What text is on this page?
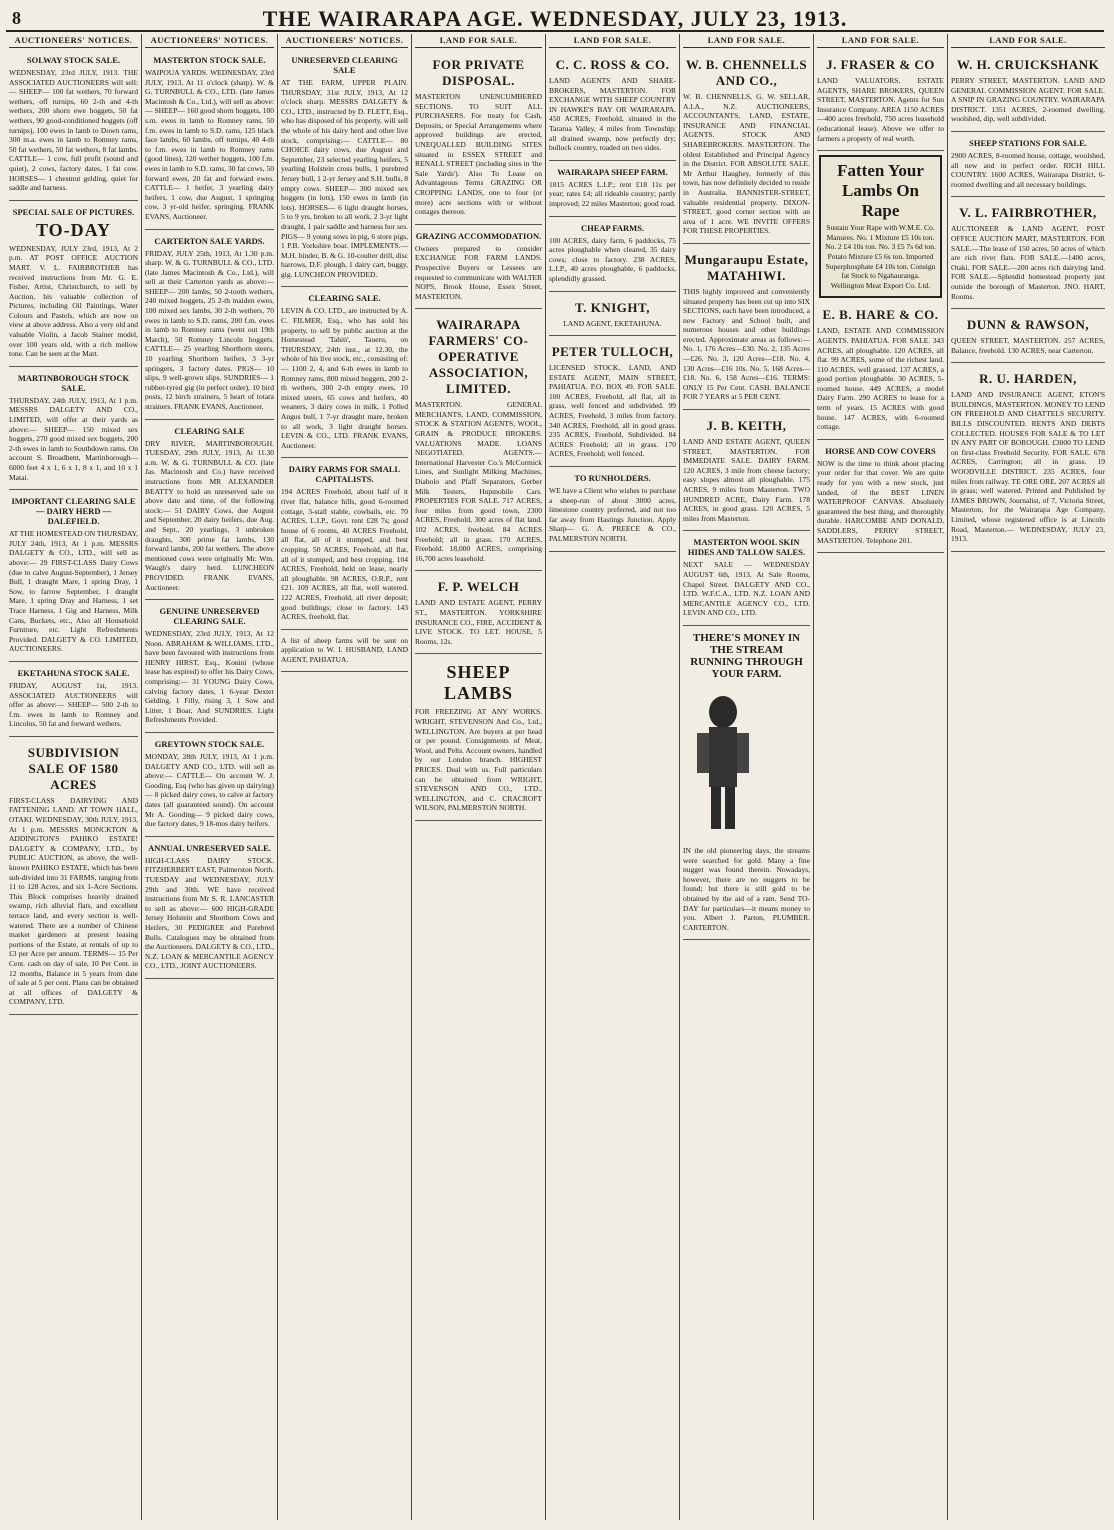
8	THE WAIRARAPA AGE. WEDNESDAY, JULY 23, 1913.
AUCTIONEERS' NOTICES.
SOLWAY STOCK SALE.

WEDNESDAY, 23rd JULY, 1913. THE ASSOCIATED AUCTIONEERS will sell:— SHEEP— 100 fat wethers, 70 forward wethers, off turnips, 60 2-th and 4-th wethers, 200 shorn ewe hoggets, 50 fat wethers, 90 good-conditioned hoggets (off turnips), 100 ewes in lamb to Down rams, 300 m.a. ewes in lamb to Romney rams, 50 fat wethers, 50 fat wethers, 8 fat lambs. CATTLE— 1 cow, full profit (sound and quiet), 2 cows, factory dates, 1 fat cow. HORSES— 1 chestnut gelding, quiet for saddle and harness.

SPECIAL SALE OF PICTURES.
TO-DAY

WEDNESDAY, JULY 23rd, 1913, At 2 p.m. AT POST OFFICE AUCTION MART. V. L. FAIRBROTHER has received instructions from Mr. G. E. Fisher, Artist, Christchurch, to sell by Auction, his valuable collection of Pictures, including Oil Paintings, Water Colours and Pastels, which are now on view at above address. Also a very old and valuable Violin, a Jacob Stainer model, over 100 years old, with a rich mellow tone. Can be seen at the Mart.

MARTINBOROUGH STOCK SALE.

THURSDAY, 24th JULY, 1913, At 1 p.m. MESSRS DALGETY AND CO., LIMITED, will offer at their yards as above:— SHEEP— 150 mixed sex hoggets, 270 good mixed sex hoggets, 200 2-th ewes in lamb to Southdown rams. On account S. Broadbent, Martinborough— 6000 feet 4 x 1, 6 x 1, 8 x 1, and 10 x 1 Matai.

IMPORTANT CLEARING SALE — DAIRY HERD — DALEFIELD.

AT THE HOMESTEAD ON THURSDAY, JULY 24th, 1913, At 1 p.m. MESSRS DALGETY & CO., LTD., will sell as above:— 29 FIRST-CLASS Dairy Cows (due to calve August-September), 1 Jersey Bull, 1 draught Mare, 1 spring Dray, 1 Sow, to farrow September, 1 draught Mare, 1 spring Dray and Harness, 1 set Trace Harness, 1 Gig and Harness, Milk Cans, Buckets, etc., Also all Household Furniture, etc. Light Refreshments Provided. DALGETY & CO. LIMITED, AUCTIONEERS.

EKETAHUNA STOCK SALE.

FRIDAY, AUGUST 1st, 1913. ASSOCIATED AUCTIONEERS will offer as above:— SHEEP— 500 2-th to f.m. ewes in lamb to Romney and Lincolns, 50 fat and forward wethers.

SUBDIVISION SALE OF 1580 ACRES

FIRST-CLASS DAIRYING AND FATTENING LAND. AT TOWN HALL, OTAKI. WEDNESDAY, 30th JULY, 1913, At 1 p.m. MESSRS MONCKTON & ADDINGTON'S PAHIKO ESTATE! DALGETY & COMPANY, LTD., by PUBLIC AUCTION, as above, the well-known PAHIKO ESTATE, which has been sub-divided into 31 FARMS, ranging from 11 to 128 Acres, and six 1-Acre Sections. This Block comprises heavily drained swamp, rich alluvial flats, and excellent terrace land, and every section is well-watered. There are a number of Chinese market gardeners at present leasing portions of the Estate, at rentals of up to £3 per Acre per annum. TERMS— 15 Per Cent. cash on day of sale, 10 Per Cent. in 12 months, Balance in 5 years from date of sale at 5 per cent. Plans can be obtained at all offices of DALGETY & COMPANY, LTD.

AUCTIONEERS' NOTICES.
MASTERTON STOCK SALE.

WAIPOUA YARDS. WEDNESDAY, 23rd JULY, 1913, At 11 o'clock (sharp). W. & G. TURNBULL & CO., LTD. (late James Macintosh & Co., Ltd.), will sell as above:— SHEEP— 160 good shorn hoggets, 100 s.m. ewes in lamb to Romney rams, 50 f.m. ewes in lamb to S.D. rams, 125 black face lambs, 60 lambs, off turnips, 40 4-th to f.m. ewes in lamb to Romney rams (good lines), 120 wether hoggets, 100 f.m. ewes in lamb to S.D. rams, 30 fat cows, 50 forward ewes, 20 fat and forward ewes. CATTLE— 1 heifer, 3 yearling dairy heifers, 1 cow, due August, 1 springing cow, 3 yr-old heifer, springing. FRANK EVANS, Auctioneer.

CARTERTON SALE YARDS.

FRIDAY, JULY 25th, 1913, At 1.30 p.m. sharp. W. & G. TURNBULL & CO., LTD. (late James Macintosh & Co., Ltd.), will sell at their Carterton yards as above:— SHEEP— 200 lambs, 50 2-tooth wethers, 240 mixed hoggets, 25 2-th maiden ewes, 100 mixed sex lambs, 30 2-th wethers, 70 ewes in lamb to S.D. rams, 200 f.m. ewes in lamb to Romney rams (went out 19th March), 50 Romney Lincoln hoggets. CATTLE— 25 yearling Shorthorn steers, 10 yearling Shorthorn heifers, 3 3-yr springers, 3 factory dates. PIGS— 10 slips, 9 well-grown slips. SUNDRIES— 1 rubber-tyred gig (in perfect order), 10 bird posts, 12 birch strainers, 5 heart of totara strainers. FRANK EVANS, Auctioneer.

CLEARING SALE

DRY RIVER, MARTINBOROUGH. TUESDAY, 29th JULY, 1913, At 11.30 a.m. W. & G. TURNBULL & CO. (late Jas. Macintosh and Co.) have received instructions from MR ALEXANDER BEATTY to hold an unreserved sale on above date and time, of the following stock:— 51 DAIRY Cows, due August and September, 20 dairy heifers, due Aug. and Sept., 20 yearlings, 3 unbroken draughts, 300 prime fat lambs, 130 forward lambs, 200 fat wethers. The above mentioned cows were originally Mr. Wm. Waugh's dairy herd. LUNCHEON PROVIDED. FRANK EVANS, Auctioneer.

GENUINE UNRESERVED CLEARING SALE.

WEDNESDAY, 23rd JULY, 1913, At 12 Noon. ABRAHAM & WILLIAMS, LTD., have been favoured with instructions from HENRY HIRST, Esq., Konini (whose lease has expired) to offer his Dairy Cows, comprising:— 31 YOUNG Dairy Cows, calving factory dates, 1 6-year Dexter Gelding, 1 Filly, rising 3, 1 Sow and Litter, 1 Boar, And SUNDRIES. Light Refreshments Provided.

GREYTOWN STOCK SALE.

MONDAY, 28th JULY, 1913, At 1 p.m. DALGETY AND CO., LTD. will sell as above:— CATTLE— On account W. J. Gooding, Esq (who has given up dairying)— 8 picked dairy cows, to calve at factory dates (all guaranteed sound). On account Mr A. Gooding— 9 picked dairy cows, due factory dates, 9 18-mos dairy heifers.

ANNUAL UNRESERVED SALE.

HIGH-CLASS DAIRY STOCK. FITZHERBERT EAST, Palmerston North. TUESDAY and WEDNESDAY, JULY 29th and 30th. WE have received instructions from Mr S. R. LANCASTER to sell as above:— 600 HIGH-GRADE Jersey Holstein and Shorthorn Cows and Heifers, 30 PEDIGREE and Purebred Bulls. Catalogues may be obtained from the Auctioneers. DALGETY & CO., LTD., N.Z. LOAN & MERCANTILE AGENCY CO., LTD., JOINT AUCTIONEERS.

AUCTIONEERS' NOTICES.
UNRESERVED CLEARING SALE

AT THE FARM, UPPER PLAIN. THURSDAY, 31st JULY, 1913, At 12 o'clock sharp. MESSRS DALGETY & CO., LTD., instructed by D. FLETT, Esq., who has disposed of his property, will sell the whole of his dairy herd and other live stock, comprising:— CATTLE— 80 CHOICE dairy cows, due August and September, 23 selected yearling heifers, 5 yearling Holstein cross bulls, 1 purebred Jersey bull, 1 2-yr Jersey and S.H. bulls, 8 empty cows. SHEEP— 300 mixed sex hoggets (in lots), 150 ewes in lamb (in lots). HORSES— 6 light draught horses, 5 to 9 yrs, broken to all work, 2 3-yr light draught, 1 pair saddle and harness hor ses. PIGS— 9 young sows in pig, 6 store pigs, 1 P.B. Yorkshire boar. IMPLEMENTS.—M.H. binder, B. & G. 10-coulter drill, disc harrows, D.F. plough, 1 dairy cart, buggy, gig. LUNCHEON PROVIDED.

CLEARING SALE.

LEVIN & CO. LTD., are instructed by A. C. FILMER, Esq., who has sold his property, to sell by public auction at the Homestead 'Tahiti', Taueru, on THURSDAY, 24th inst., at 12.30, the whole of his live stock, etc., consisting of:— 1100 2, 4, and 6-th ewes in lamb to Romney rams, 800 mixed hoggets, 200 2-th wethers, 300 2-th empty ewes, 10 mixed steers, 65 cows and heifers, 40 weaners, 3 dairy cows in milk, 1 Polled Angus bull, 1 7-yr draught mare, broken to all work, 3 light draught horses. LEVIN & CO., LTD. FRANK EVANS, Auctioneer.

DAIRY FARMS FOR SMALL CAPITALISTS.

194 ACRES Freehold, about half of it river flat, balance hills, good 6-roomed cottage, 3-stall stable, cowbails, etc. 70 ACRES, L.I.P., Govt. rent £28 7s; good house of 6 rooms, 40 ACRES Freehold, all flat, all of it stumped, and best cropping. 50 ACRES, Freehold, all flat, all of it stumped, and best cropping. 104 ACRES, Freehold, held on lease, nearly all ploughable. 98 ACRES, O.R.P., rent £21. 109 ACRES, all flat, well watered. 122 ACRES, Freehold, all river deposit; good buildings; close to factory. 143 ACRES, freehold, flat.

A list of sheep farms will be sent on application to W. I. HUSBAND, LAND AGENT, PAHIATUA.

LAND FOR SALE.
FOR PRIVATE DISPOSAL.

MASTERTON UNENCUMBERED SECTIONS. TO SUIT ALL PURCHASERS. For treaty for Cash, Deposits, or Special Arrangements where approved buildings are erected, UNEQUALLED BUILDING SITES situated in ESSEX STREET and RENALL STREET (including sites in 'the Sale Yards'). Also To Lease on Advantageous Terms GRAZING OR CROPPING LANDS, one to four (or more) acre sections with or without cottages thereon.

GRAZING ACCOMMODATION.

Owners prepared to consider EXCHANGE FOR FARM LANDS. Prospective Buyers or Lessees are requested to communicate with WALTER NOPS, Brook House, Essex Street, MASTERTON.

WAIRARAPA FARMERS' CO-OPERATIVE ASSOCIATION, LIMITED.

MASTERTON. GENERAL MERCHANTS, LAND, COMMISSION, STOCK & STATION AGENTS, WOOL, GRAIN & PRODUCE BROKERS. VALUATIONS MADE. LOANS NEGOTIATED. AGENTS.—International Harvester Co.'s McCormick Lines, and Sunlight Milking Machines, Diabolo and Pfaff Separators, Gerber Milk Testers, Hupmobile Cars. PROPERTIES FOR SALE. 717 ACRES, four miles from good town, 2300 ACRES, Freehold, 300 acres of flat land. 102 ACRES, freehold. 84 ACRES Freehold; all in grass. 170 ACRES, Freehold. 18,000 ACRES, comprising 16,700 acres leasehold.

F. P. WELCH

LAND AND ESTATE AGENT, PERRY ST., MASTERTON. YORKSHIRE INSURANCE CO., FIRE, ACCIDENT & LIVE STOCK. TO LET. HOUSE, 5 Rooms, 12s.

SHEEP LAMBS

FOR FREEZING AT ANY WORKS. WRIGHT, STEVENSON And Co., Ltd., WELLINGTON. Are buyers at per head or per pound. Consignments of Meat, Wool, and Pelts. Account owners, handled by our London branch. HIGHEST PRICES. Deal with us. Full particulars can be obtained from WRIGHT, STEVENSON AND CO., LTD., WELLINGTON, and C. CRACROFT WILSON, PALMERSTON NORTH.

LAND FOR SALE.
C. C. ROSS & CO.

LAND AGENTS AND SHARE-BROKERS, MASTERTON. FOR EXCHANGE WITH SHEEP COUNTRY IN HAWKE'S BAY OR WAIRARAPA. 450 ACRES, Freehold, situated in the Tararua Valley, 4 miles from Township; all drained swamp, now perfectly dry; bullock country, roaded on two sides.

WAIRARAPA SHEEP FARM.

1815 ACRES L.I.P.; rent £18 11s per year; rates £4; all rideable country; partly improved; 22 miles Masterton; good road.

CHEAP FARMS.

100 ACRES, dairy farm, 6 paddocks, 75 acres ploughable when cleared, 35 dairy cows; close to factory. 238 ACRES, L.I.P., 40 acres ploughable, 6 paddocks, splendidly grassed.

T. KNIGHT,

LAND AGENT, EKETAHUNA.

PETER TULLOCH,

LICENSED STOCK, LAND, AND ESTATE AGENT, MAIN STREET, PAHIATUA. P.O. BOX 49. FOR SALE. 100 ACRES, Freehold, all flat, all in grass, well fenced and subdivided. 99 ACRES, Freehold, 3 miles from factory. 340 ACRES, Freehold, all in good grass. 235 ACRES, Freehold, Subdivided. 84 ACRES Freehold; all in grass. 170 ACRES, Freehold; well fenced.

TO RUNHOLDERS.

WE have a Client who wishes to purchase a sheep-run of about 3000 acres, limestone country preferred, and not too far away from Hastings Junction. Apply Sharp— G. A. PREECE & CO., PALMERSTON NORTH.

LAND FOR SALE.
W. B. CHENNELLS AND CO.,

W. B. CHENNELLS, G. W. SELLAR, A.I.A., N.Z. AUCTIONEERS, ACCOUNTANTS, LAND, ESTATE, INSURANCE AND FINANCIAL AGENTS. STOCK AND SHAREBROKERS. MASTERTON. The oldest Established and Principal Agency in the District. FOR ABSOLUTE SALE. Mr Arthur Haughey, formerly of this town, has now definitely decided to reside in Australia. BANNISTER-STREET, valuable residential property. DIXON-STREET, good corner section with an area of 1 acre. WE INVITE OFFERS FOR THESE PROPERTIES.

Mungaraupu Estate, MATAHIWI.

THIS highly improved and conveniently situated property has been cut up into SIX SECTIONS, each have been introduced, a new Factory and School built, and numerous houses and other buildings erected. Approximate areas as follows:— No. 1, 176 Acres—£30. No. 2, 135 Acres—£26. No. 3, 120 Acres—£18. No. 4, 130 Acres—£16 10s. No. 5, 168 Acres—£18. No. 6, 158 Acres—£16. TERMS: ONLY 15 Per Cent. CASH. BALANCE FOR 7 YEARS at 5 PER CENT.

J. B. KEITH,

LAND AND ESTATE AGENT, QUEEN STREET, MASTERTON. FOR IMMEDIATE SALE. DAIRY FARM. 120 ACRES, 3 mile from cheese factory; easy slopes almost all ploughable. 175 ACRES, 9 miles from Masterton. TWO HUNDRED ACRE, Dairy Farm. 178 ACRES, in good grass. 120 ACRES, 5 miles from Masterton.

MASTERTON WOOL SKIN HIDES AND TALLOW SALES.

NEXT SALE — WEDNESDAY AUGUST 6th, 1913. At Sale Rooms, Chapel Street. DALGETY AND CO., LTD. W.F.C.A., LTD. N.Z. LOAN AND MERCANTILE AGENCY CO., LTD. LEVIN AND CO., LTD.

THERE'S MONEY IN THE STREAM RUNNING THROUGH YOUR FARM.

IN the old pioneering days, the streams were searched for gold. Many a fine nugget was found therein. Nowadays, however, there are no nuggets to be found; but there is still gold to be obtained by the aid of a ram. Send TO-DAY for particulars—it means money to you. Albert J. Parton, PLUMBER. CARTERTON.

LAND FOR SALE.
J. FRASER & CO

LAND VALUATORS, ESTATE AGENTS, SHARE BROKERS, QUEEN STREET, MASTERTON. Agents for Sun Insurance Company. AREA 1150 ACRES—400 acres freehold, 750 acres leasehold (educational lease). Above we offer to farmers a property of real worth.

Fatten Your Lambs On Rape

Sustain Your Rape with W.M.E. Co. Manures. No. 1 Mixture £5 10s ton. No. 2 £4 10s ton. No. 3 £5 7s 6d ton. Potato Mixture £5 6s ton. Imported Superphosphate £4 10s ton. Consign fat Stock to Ngahauranga. Wellington Meat Export Co. Ltd.

E. B. HARE & CO.

LAND, ESTATE AND COMMISSION AGENTS. PAHIATUA. FOR SALE. 343 ACRES, all ploughable. 120 ACRES, all flat. 99 ACRES, some of the richest land. 110 ACRES, well grassed. 137 ACRES, a good portion ploughable. 30 ACRES, 5-roomed house. 449 ACRES, a model Dairy Farm. 290 ACRES to lease for a term of years. 15 ACRES with good house. 147 ACRES, with 6-roomed cottage.

HORSE AND COW COVERS

NOW is the time to think about placing your order for that cover. We are quite ready for you with a new stock, just landed, of the BEST LINEN WATERPROOF CANVAS. Absolutely guaranteed the best thing, and thoroughly durable. HARCOMBE AND DONALD, SADDLERS, PERRY STREET, MASTERTON. Telephone 201.

LAND FOR SALE.
W. H. CRUICKSHANK

PERRY STREET, MASTERTON. LAND AND GENERAL COMMISSION AGENT. FOR SALE. A SNIP IN GRAZING COUNTRY. WAIRARAPA DISTRICT. 1351 ACRES, 2-roomed dwelling, woolshed, dip, well subdivided.

SHEEP STATIONS FOR SALE.

2900 ACRES, 8-roomed house, cottage, woolshed, all new and in perfect order. RICH HILL COUNTRY. 1600 ACRES, Wairarapa District, 6-roomed dwelling and all necessary buildings.

V. L. FAIRBROTHER,

AUCTIONEER & LAND AGENT, POST OFFICE AUCTION MART, MASTERTON. FOR SALE.—The lease of 150 acres, 50 acres of which are rich river flats. FOR SALE.—1400 acres, Otaki. FOR SALE.—200 acres rich dairying land. FOR SALE.—Splendid homestead property just outside the borough of Masterton. JNO. HART, Rooms.

DUNN & RAWSON,

QUEEN STREET, MASTERTON. 257 ACRES, Balance, freehold. 130 ACRES, near Carterton.

R. U. HARDEN,

LAND AND INSURANCE AGENT, ETON'S BUILDINGS, MASTERTON. MONEY TO LEND ON FREEHOLD AND CHATTELS SECURITY. BILLS DISCOUNTED. RENTS AND DEBTS COLLECTED. HOUSES FOR SALE & TO LET IN ANY PART OF BOROUGH. £3000 TO LEND on first-class Freehold Security. FOR SALE. 678 ACRES, Carrington; all in grass. 19 WOODVILLE DISTRICT. 235 ACRES, four miles from railway. TE ORE ORE. 207 ACRES all in grass; well watered. Printed and Published by JAMES BROWN, Journalist, of 7, Victoria Street, Masterton, for the Wairarapa Age Company, Limited, whose registered office is at Lincoln Road, Masterton.— WEDNESDAY, JULY 23, 1913.
